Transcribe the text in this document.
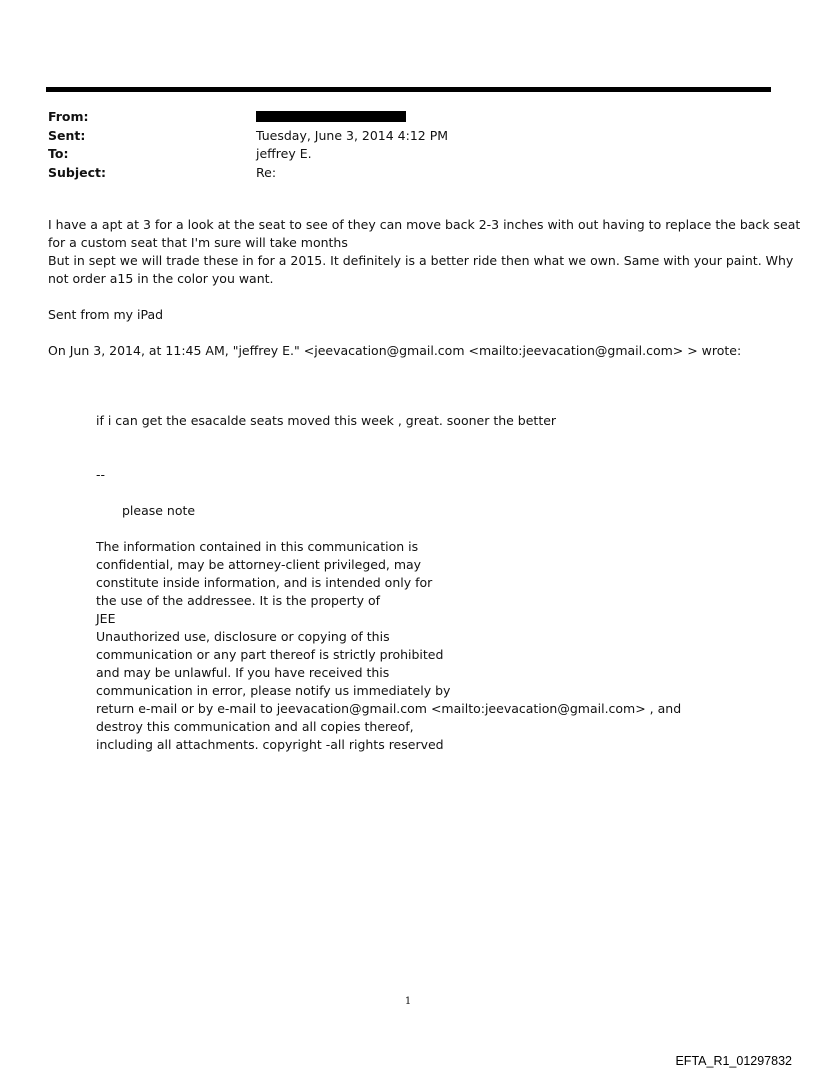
From:
Sent:	Tuesday, June 3, 2014 4:12 PM
To:	jeffrey E.
Subject:	Re:

I have a apt at 3 for a look at the seat to see of they can move back 2-3 inches with out having to replace the back seat

for a custom seat that I'm sure will take months

But in sept we will trade these in for a 2015. It definitely is a better ride then what we own. Same with your paint. Why

not order a15 in the color you want.

Sent from my iPad

On Jun 3, 2014, at 11:45 AM, "jeffrey E." <jeevacation@gmail.com <mailto:jeevacation@gmail.com> > wrote:

if i can get the esacalde seats moved this week , great. sooner the better

--

please note

The information contained in this communication is

confidential, may be attorney-client privileged, may

constitute inside information, and is intended only for

the use of the addressee. It is the property of

JEE

Unauthorized use, disclosure or copying of this

communication or any part thereof is strictly prohibited

and may be unlawful. If you have received this

communication in error, please notify us immediately by

return e-mail or by e-mail to jeevacation@gmail.com <mailto:jeevacation@gmail.com> , and

destroy this communication and all copies thereof,

including all attachments. copyright -all rights reserved

1
EFTA_R1_01297832
